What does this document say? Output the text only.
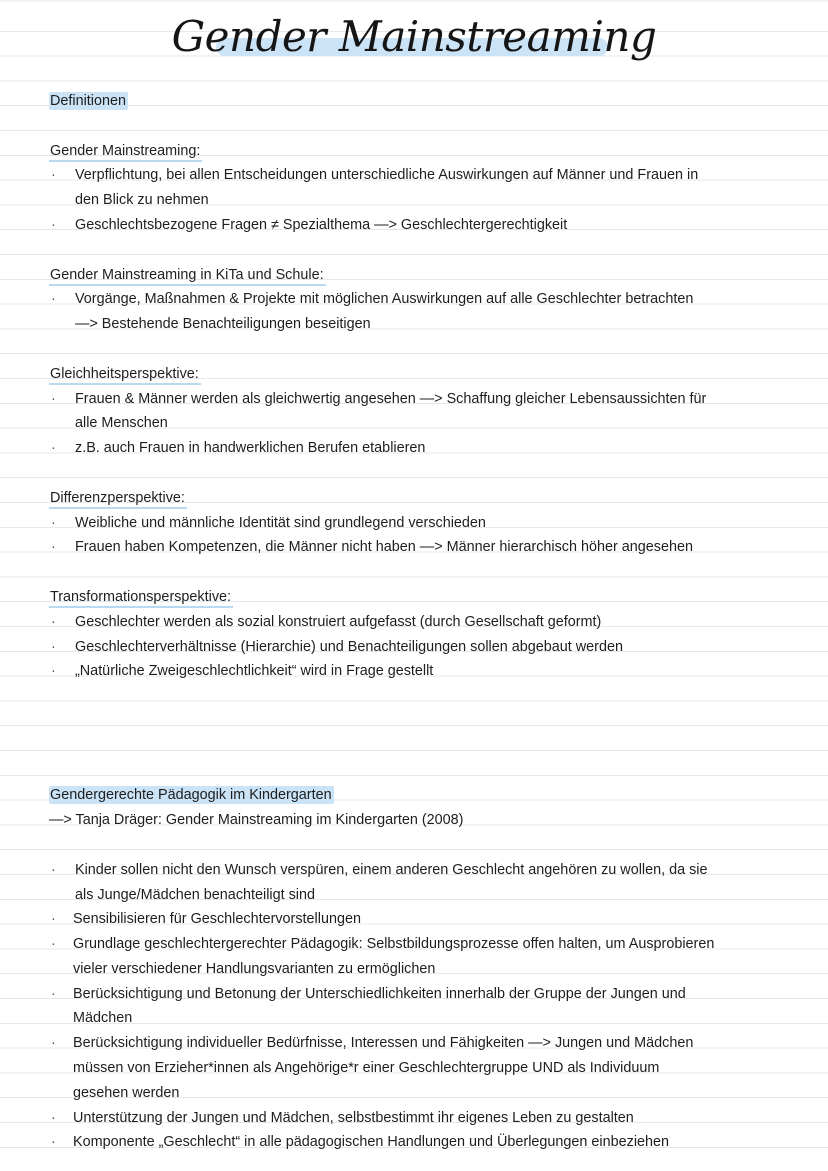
Gender Mainstreaming
Definitionen
Gender Mainstreaming:
· Verpflichtung, bei allen Entscheidungen unterschiedliche Auswirkungen auf Männer und Frauen in
den Blick zu nehmen
· Geschlechtsbezogene Fragen ≠ Spezialthema —> Geschlechtergerechtigkeit
Gender Mainstreaming in KiTa und Schule:
· Vorgänge, Maßnahmen & Projekte mit möglichen Auswirkungen auf alle Geschlechter betrachten
—> Bestehende Benachteiligungen beseitigen
Gleichheitsperspektive:
· Frauen & Männer werden als gleichwertig angesehen —> Schaffung gleicher Lebensaussichten für
alle Menschen
· z.B. auch Frauen in handwerklichen Berufen etablieren
Differenzperspektive:
· Weibliche und männliche Identität sind grundlegend verschieden
· Frauen haben Kompetenzen, die Männer nicht haben —> Männer hierarchisch höher angesehen
Transformationsperspektive:
· Geschlechter werden als sozial konstruiert aufgefasst (durch Gesellschaft geformt)
· Geschlechterverhältnisse (Hierarchie) und Benachteiligungen sollen abgebaut werden
· „Natürliche Zweigeschlechtlichkeit“ wird in Frage gestellt
Gendergerechte Pädagogik im Kindergarten
—> Tanja Dräger: Gender Mainstreaming im Kindergarten (2008)
· Kinder sollen nicht den Wunsch verspüren, einem anderen Geschlecht angehören zu wollen, da sie
als Junge/Mädchen benachteiligt sind
· Sensibilisieren für Geschlechtervorstellungen
· Grundlage geschlechtergerechter Pädagogik: Selbstbildungsprozesse offen halten, um Ausprobieren
vieler verschiedener Handlungsvarianten zu ermöglichen
· Berücksichtigung und Betonung der Unterschiedlichkeiten innerhalb der Gruppe der Jungen und
Mädchen
· Berücksichtigung individueller Bedürfnisse, Interessen und Fähigkeiten —> Jungen und Mädchen
müssen von Erzieher*innen als Angehörige*r einer Geschlechtergruppe UND als Individuum
gesehen werden
· Unterstützung der Jungen und Mädchen, selbstbestimmt ihr eigenes Leben zu gestalten
· Komponente „Geschlecht“ in alle pädagogischen Handlungen und Überlegungen einbeziehen
